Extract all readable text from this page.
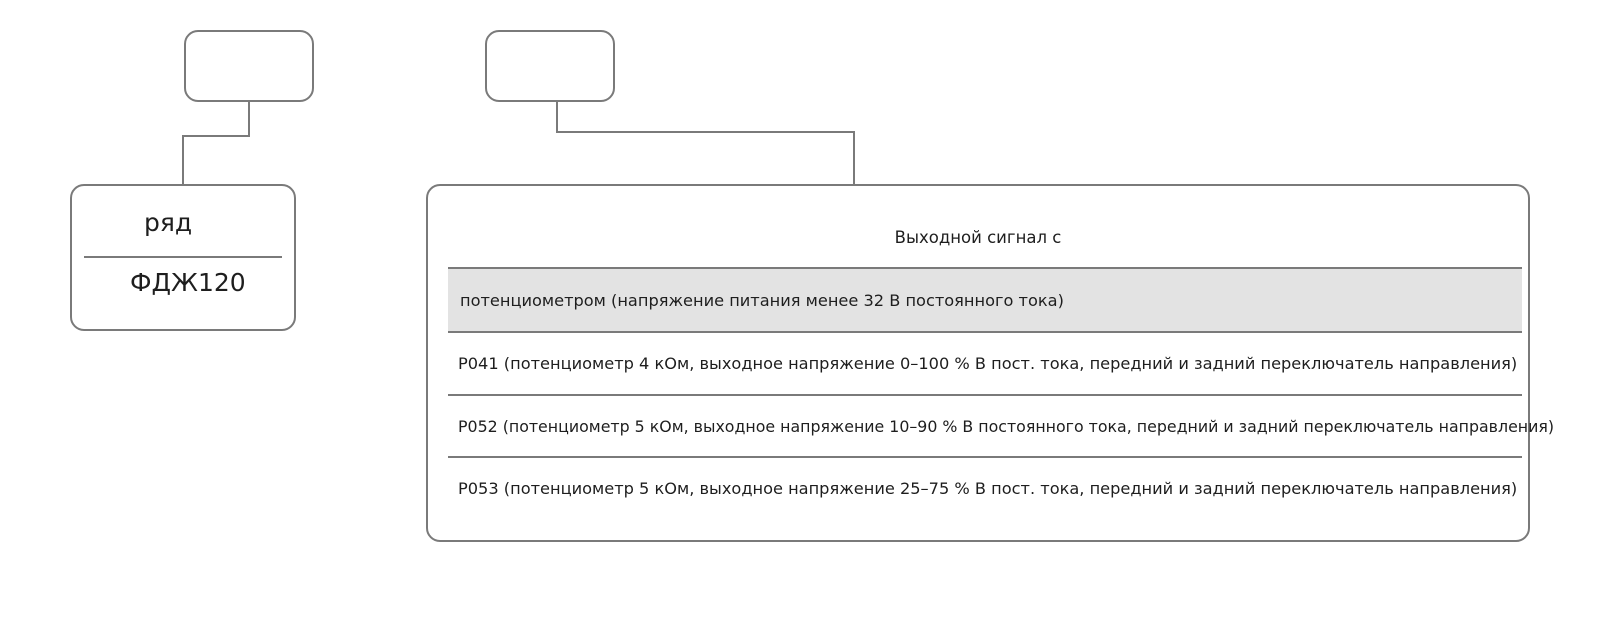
ряд
ФДЖ120
Выходной сигнал с
потенциометром (напряжение питания менее 32 В постоянного тока)
P041 (потенциометр 4 кОм, выходное напряжение 0–100 % В пост. тока, передний и задний переключатель направления)
P052 (потенциометр 5 кОм, выходное напряжение 10–90 % В постоянного тока, передний и задний переключатель направления)
P053 (потенциометр 5 кОм, выходное напряжение 25–75 % В пост. тока, передний и задний переключатель направления)
